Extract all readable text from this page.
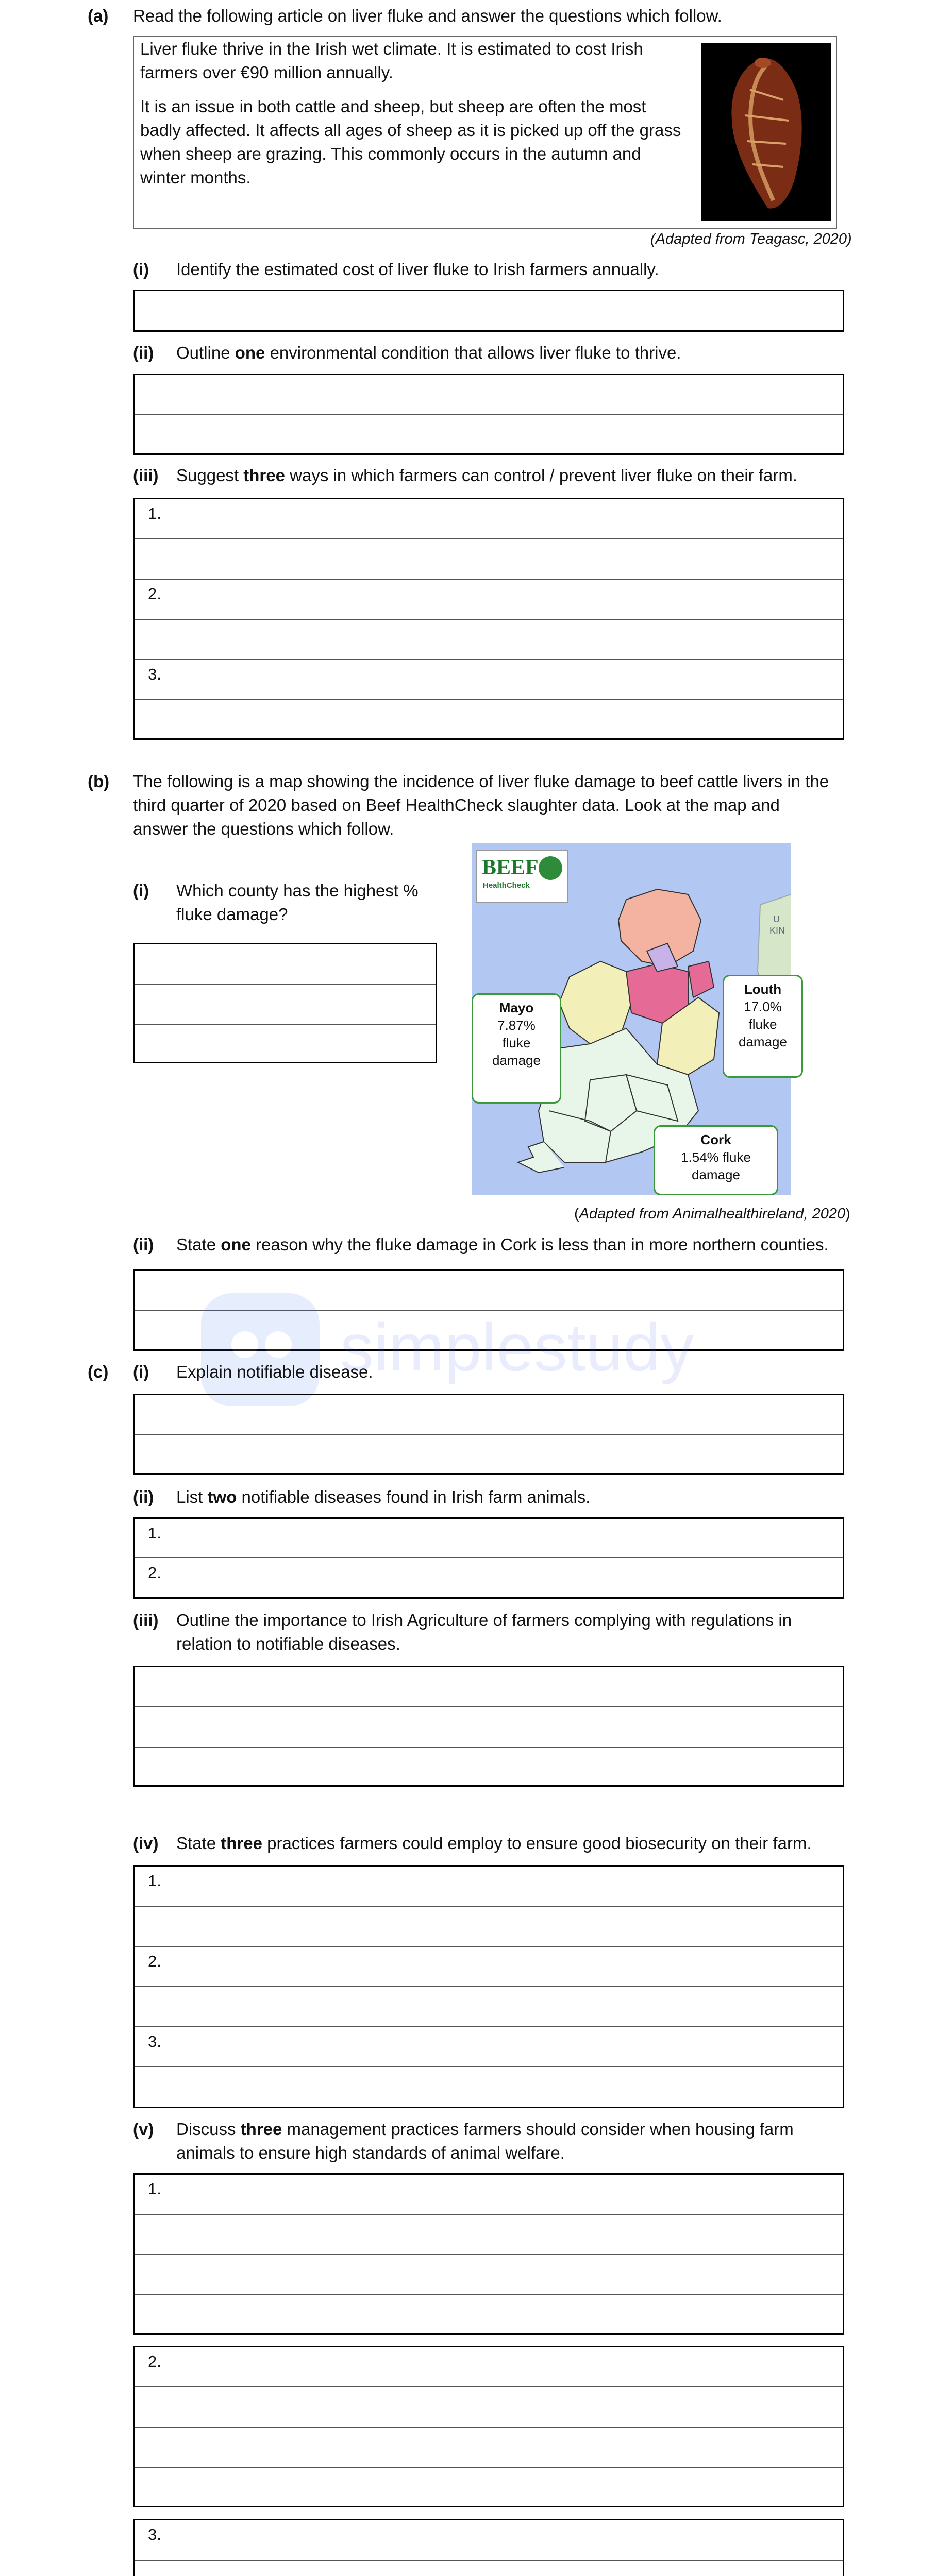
(a) Read the following article on liver fluke and answer the questions which follow.

Liver fluke thrive in the Irish wet climate. It is estimated to cost Irish

farmers over €90 million annually.

It is an issue in both cattle and sheep, but sheep are often the most

badly affected. It affects all ages of sheep as it is picked up off the grass

when sheep are grazing. This commonly occurs in the autumn and

winter months.

(Adapted from Teagasc, 2020)
(i) Identify the estimated cost of liver fluke to Irish farmers annually.
(ii) Outline one environmental condition that allows liver fluke to thrive.
(iii) Suggest three ways in which farmers can control / prevent liver fluke on their farm.
1.
2.
3.
(b) The following is a map showing the incidence of liver fluke damage to beef cattle livers in the
third quarter of 2020 based on Beef HealthCheck slaughter data. Look at the map and
answer the questions which follow.
(i) Which county has the highest %
fluke damage?
BEEF
HealthCheck
U
KIN
Mayo
7.87%
fluke
damage
Louth
17.0%
fluke
damage
Cork
1.54% fluke
damage
(Adapted from Animalhealthireland, 2020)
(ii) State one reason why the fluke damage in Cork is less than in more northern counties.
simplestudy
(c) (i) Explain notifiable disease.
(ii) List two notifiable diseases found in Irish farm animals.
1.
2.
(iii) Outline the importance to Irish Agriculture of farmers complying with regulations in
relation to notifiable diseases.
(iv) State three practices farmers could employ to ensure good biosecurity on their farm.
1.
2.
3.
(v) Discuss three management practices farmers should consider when housing farm
animals to ensure high standards of animal welfare.
1.
2.
3.
